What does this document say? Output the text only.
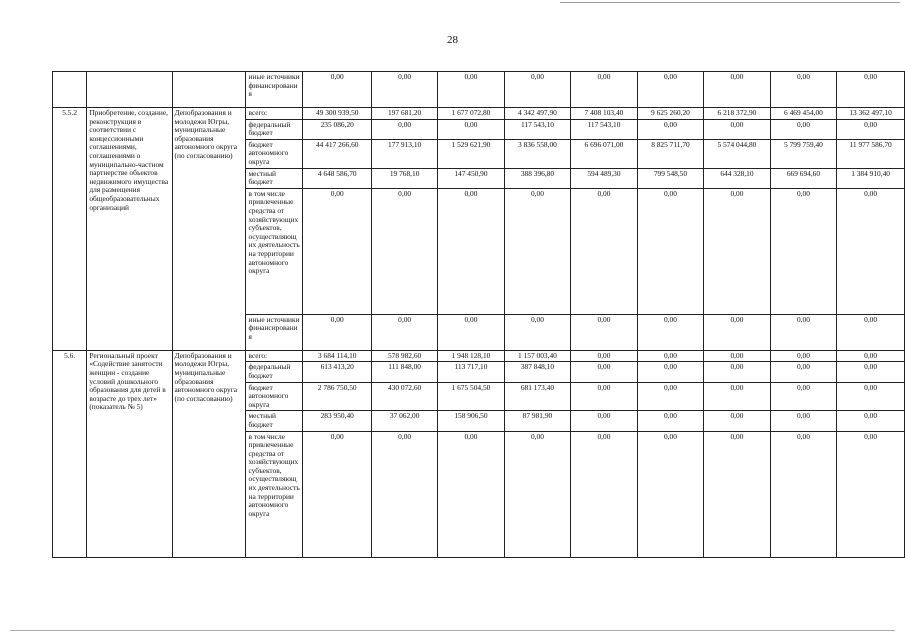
28
			иные источники финансирования	0,00	0,00	0,00	0,00	0,00	0,00	0,00	0,00	0,00
5.5.2	Приобретение, создание, реконструкция в соответствии с концессионными соглашениями, соглашениями о муниципально-частном партнерстве объектов недвижимого имущества для размещения общеобразовательных организаций	Депобразования и молодежи Югры, муниципальные образования автономного округа (по согласованию)	всего:	49 300 939,50	197 681,20	1 677 072,80	4 342 497,90	7 408 103,40	9 625 260,20	6 218 372,90	6 469 454,00	13 362 497,10
			федеральный бюджет	235 086,20	0,00	0,00	117 543,10	117 543,10	0,00	0,00	0,00	0,00
			бюджет автономного округа	44 417 266,60	177 913,10	1 529 621,90	3 836 558,00	6 696 071,00	8 825 711,70	5 574 044,80	5 799 759,40	11 977 586,70
			местный бюджет	4 648 586,70	19 768,10	147 450,90	388 396,80	594 489,30	799 548,50	644 328,10	669 694,60	1 384 910,40
			в том числе привлеченные средства от хозяйствующих субъектов, осуществляющих деятельность на территории автономного округа	0,00	0,00	0,00	0,00	0,00	0,00	0,00	0,00	0,00
			иные источники финансирования	0,00	0,00	0,00	0,00	0,00	0,00	0,00	0,00	0,00
5.6.	Региональный проект «Содействие занятости женщин - создание условий дошкольного образования для детей в возрасте до трех лет» (показатель № 5)	Депобразования и молодежи Югры, муниципальные образования автономного округа (по согласованию)	всего:	3 684 114,10	578 982,60	1 948 128,10	1 157 003,40	0,00	0,00	0,00	0,00	0,00
			федеральный бюджет	613 413,20	111 848,00	113 717,10	387 848,10	0,00	0,00	0,00	0,00	0,00
			бюджет автономного округа	2 786 750,50	430 072,60	1 675 504,50	681 173,40	0,00	0,00	0,00	0,00	0,00
			местный бюджет	283 950,40	37 062,00	158 906,50	87 981,90	0,00	0,00	0,00	0,00	0,00
			в том числе привлеченные средства от хозяйствующих субъектов, осуществляющих деятельность на территории автономного округа	0,00	0,00	0,00	0,00	0,00	0,00	0,00	0,00	0,00
